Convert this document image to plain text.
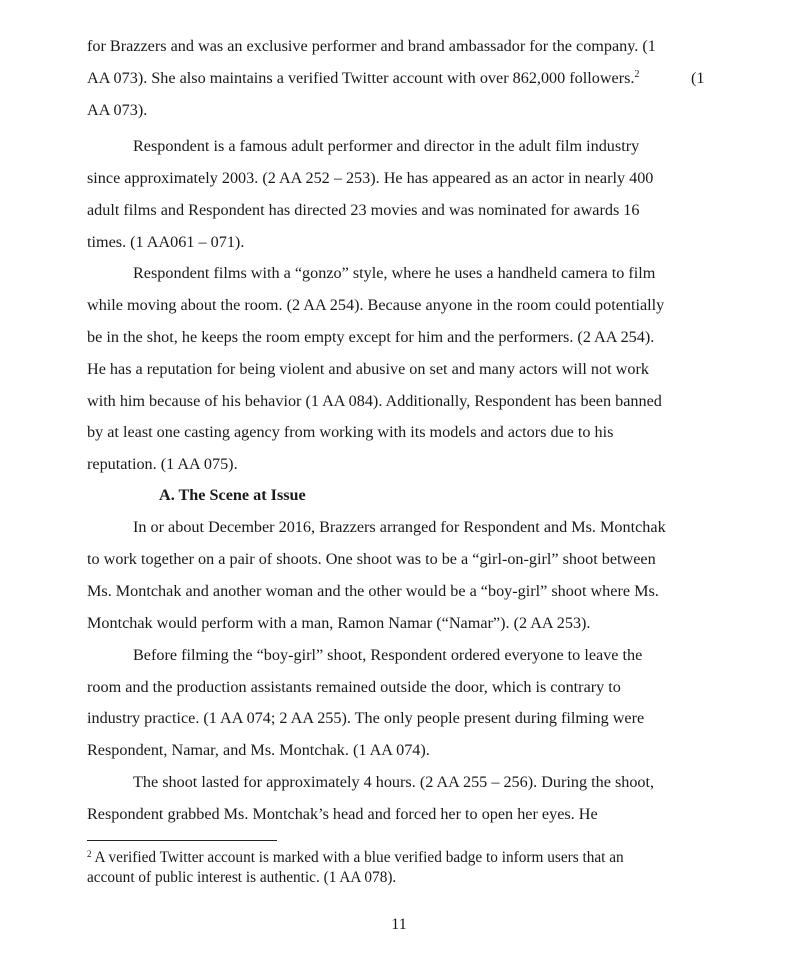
for Brazzers and was an exclusive performer and brand ambassador for the company. (1
AA 073). She also maintains a verified Twitter account with over 862,000 followers.$^2$	(1
AA 073).
Respondent is a famous adult performer and director in the adult film industry
since approximately 2003. (2 AA 252 – 253). He has appeared as an actor in nearly 400
adult films and Respondent has directed 23 movies and was nominated for awards 16
times. (1 AA061 – 071).
Respondent films with a “gonzo” style, where he uses a handheld camera to film
while moving about the room. (2 AA 254). Because anyone in the room could potentially
be in the shot, he keeps the room empty except for him and the performers. (2 AA 254).
He has a reputation for being violent and abusive on set and many actors will not work
with him because of his behavior (1 AA 084). Additionally, Respondent has been banned
by at least one casting agency from working with its models and actors due to his
reputation. (1 AA 075).
A. The Scene at Issue
In or about December 2016, Brazzers arranged for Respondent and Ms. Montchak
to work together on a pair of shoots. One shoot was to be a “girl-on-girl” shoot between
Ms. Montchak and another woman and the other would be a “boy-girl” shoot where Ms.
Montchak would perform with a man, Ramon Namar (“Namar”). (2 AA 253).
Before filming the “boy-girl” shoot, Respondent ordered everyone to leave the
room and the production assistants remained outside the door, which is contrary to
industry practice. (1 AA 074; 2 AA 255). The only people present during filming were
Respondent, Namar, and Ms. Montchak. (1 AA 074).
The shoot lasted for approximately 4 hours. (2 AA 255 – 256). During the shoot,
Respondent grabbed Ms. Montchak’s head and forced her to open her eyes. He
$^2$ A verified Twitter account is marked with a blue verified badge to inform users that an
account of public interest is authentic. (1 AA 078).
11
